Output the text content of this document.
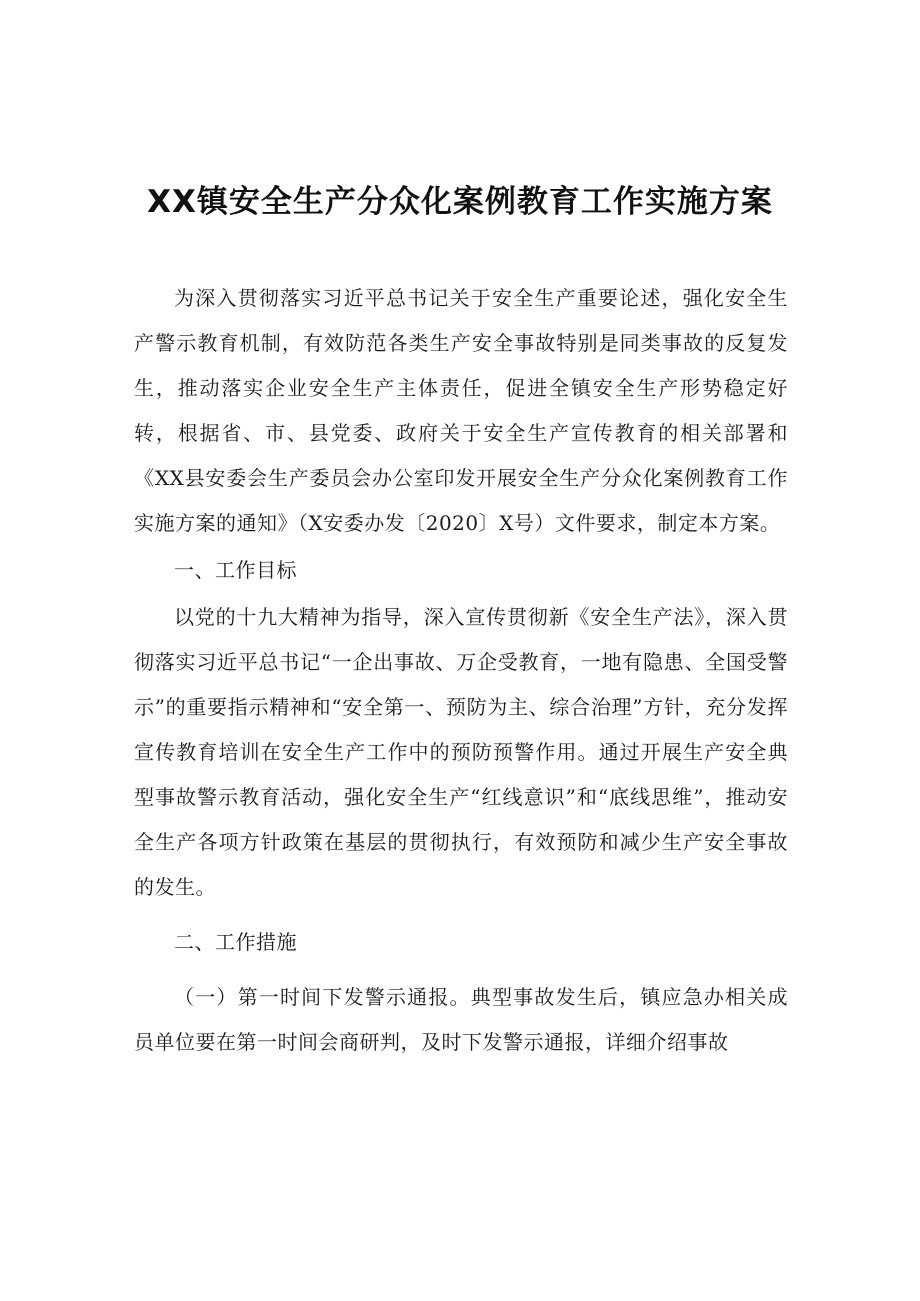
XX镇安全生产分众化案例教育工作实施方案

为深入贯彻落实习近平总书记关于安全生产重要论述，强化安全生产警示教育机制，有效防范各类生产安全事故特别是同类事故的反复发生，推动落实企业安全生产主体责任，促进全镇安全生产形势稳定好转，根据省、市、县党委、政府关于安全生产宣传教育的相关部署和《XX县安委会生产委员会办公室印发开展安全生产分众化案例教育工作实施方案的通知》（X安委办发〔2020〕X号）文件要求，制定本方案。

一、工作目标

以党的十九大精神为指导，深入宣传贯彻新《安全生产法》，深入贯彻落实习近平总书记“一企出事故、万企受教育，一地有隐患、全国受警示”的重要指示精神和“安全第一、预防为主、综合治理”方针，充分发挥宣传教育培训在安全生产工作中的预防预警作用。通过开展生产安全典型事故警示教育活动，强化安全生产“红线意识”和“底线思维”，推动安全生产各项方针政策在基层的贯彻执行，有效预防和减少生产安全事故的发生。

二、工作措施

（一）第一时间下发警示通报。典型事故发生后，镇应急办相关成员单位要在第一时间会商研判，及时下发警示通报，详细介绍事故
